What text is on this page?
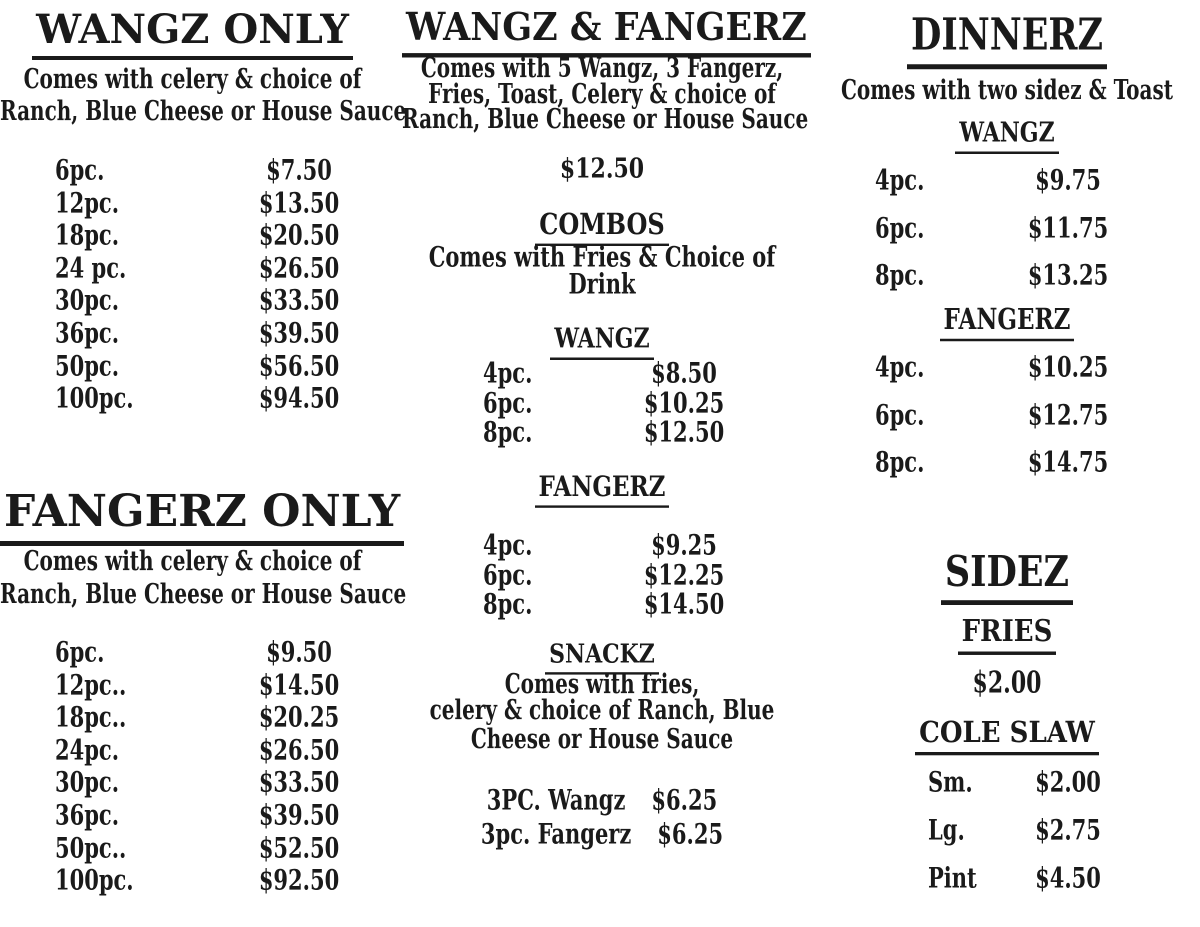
WANGZ ONLY
Comes with celery & choice of
Ranch, Blue Cheese or House Sauce
6pc.	$7.50
12pc.	$13.50
18pc.	$20.50
24 pc.	$26.50
30pc.	$33.50
36pc.	$39.50
50pc.	$56.50
100pc.	$94.50
FANGERZ ONLY
Comes with celery & choice of
Ranch, Blue Cheese or House Sauce
6pc.	$9.50
12pc..	$14.50
18pc..	$20.25
24pc.	$26.50
30pc.	$33.50
36pc.	$39.50
50pc..	$52.50
100pc.	$92.50
WANGZ & FANGERZ
Comes with 5 Wangz, 3 Fangerz,
Fries, Toast, Celery & choice of
Ranch, Blue Cheese or House Sauce
$12.50
COMBOS
Comes with Fries & Choice of
Drink
WANGZ
4pc.	$8.50
6pc.	$10.25
8pc.	$12.50
FANGERZ
4pc.	$9.25
6pc.	$12.25
8pc.	$14.50
SNACKZ
Comes with fries,
celery & choice of Ranch, Blue
Cheese or House Sauce
3PC. Wangz $6.25
3pc. Fangerz $6.25
DINNERZ
Comes with two sidez & Toast
WANGZ
4pc.	$9.75
6pc.	$11.75
8pc.	$13.25
FANGERZ
4pc.	$10.25
6pc.	$12.75
8pc.	$14.75
SIDEZ
FRIES
$2.00
COLE SLAW
Sm.	$2.00
Lg.	$2.75
Pint	$4.50
